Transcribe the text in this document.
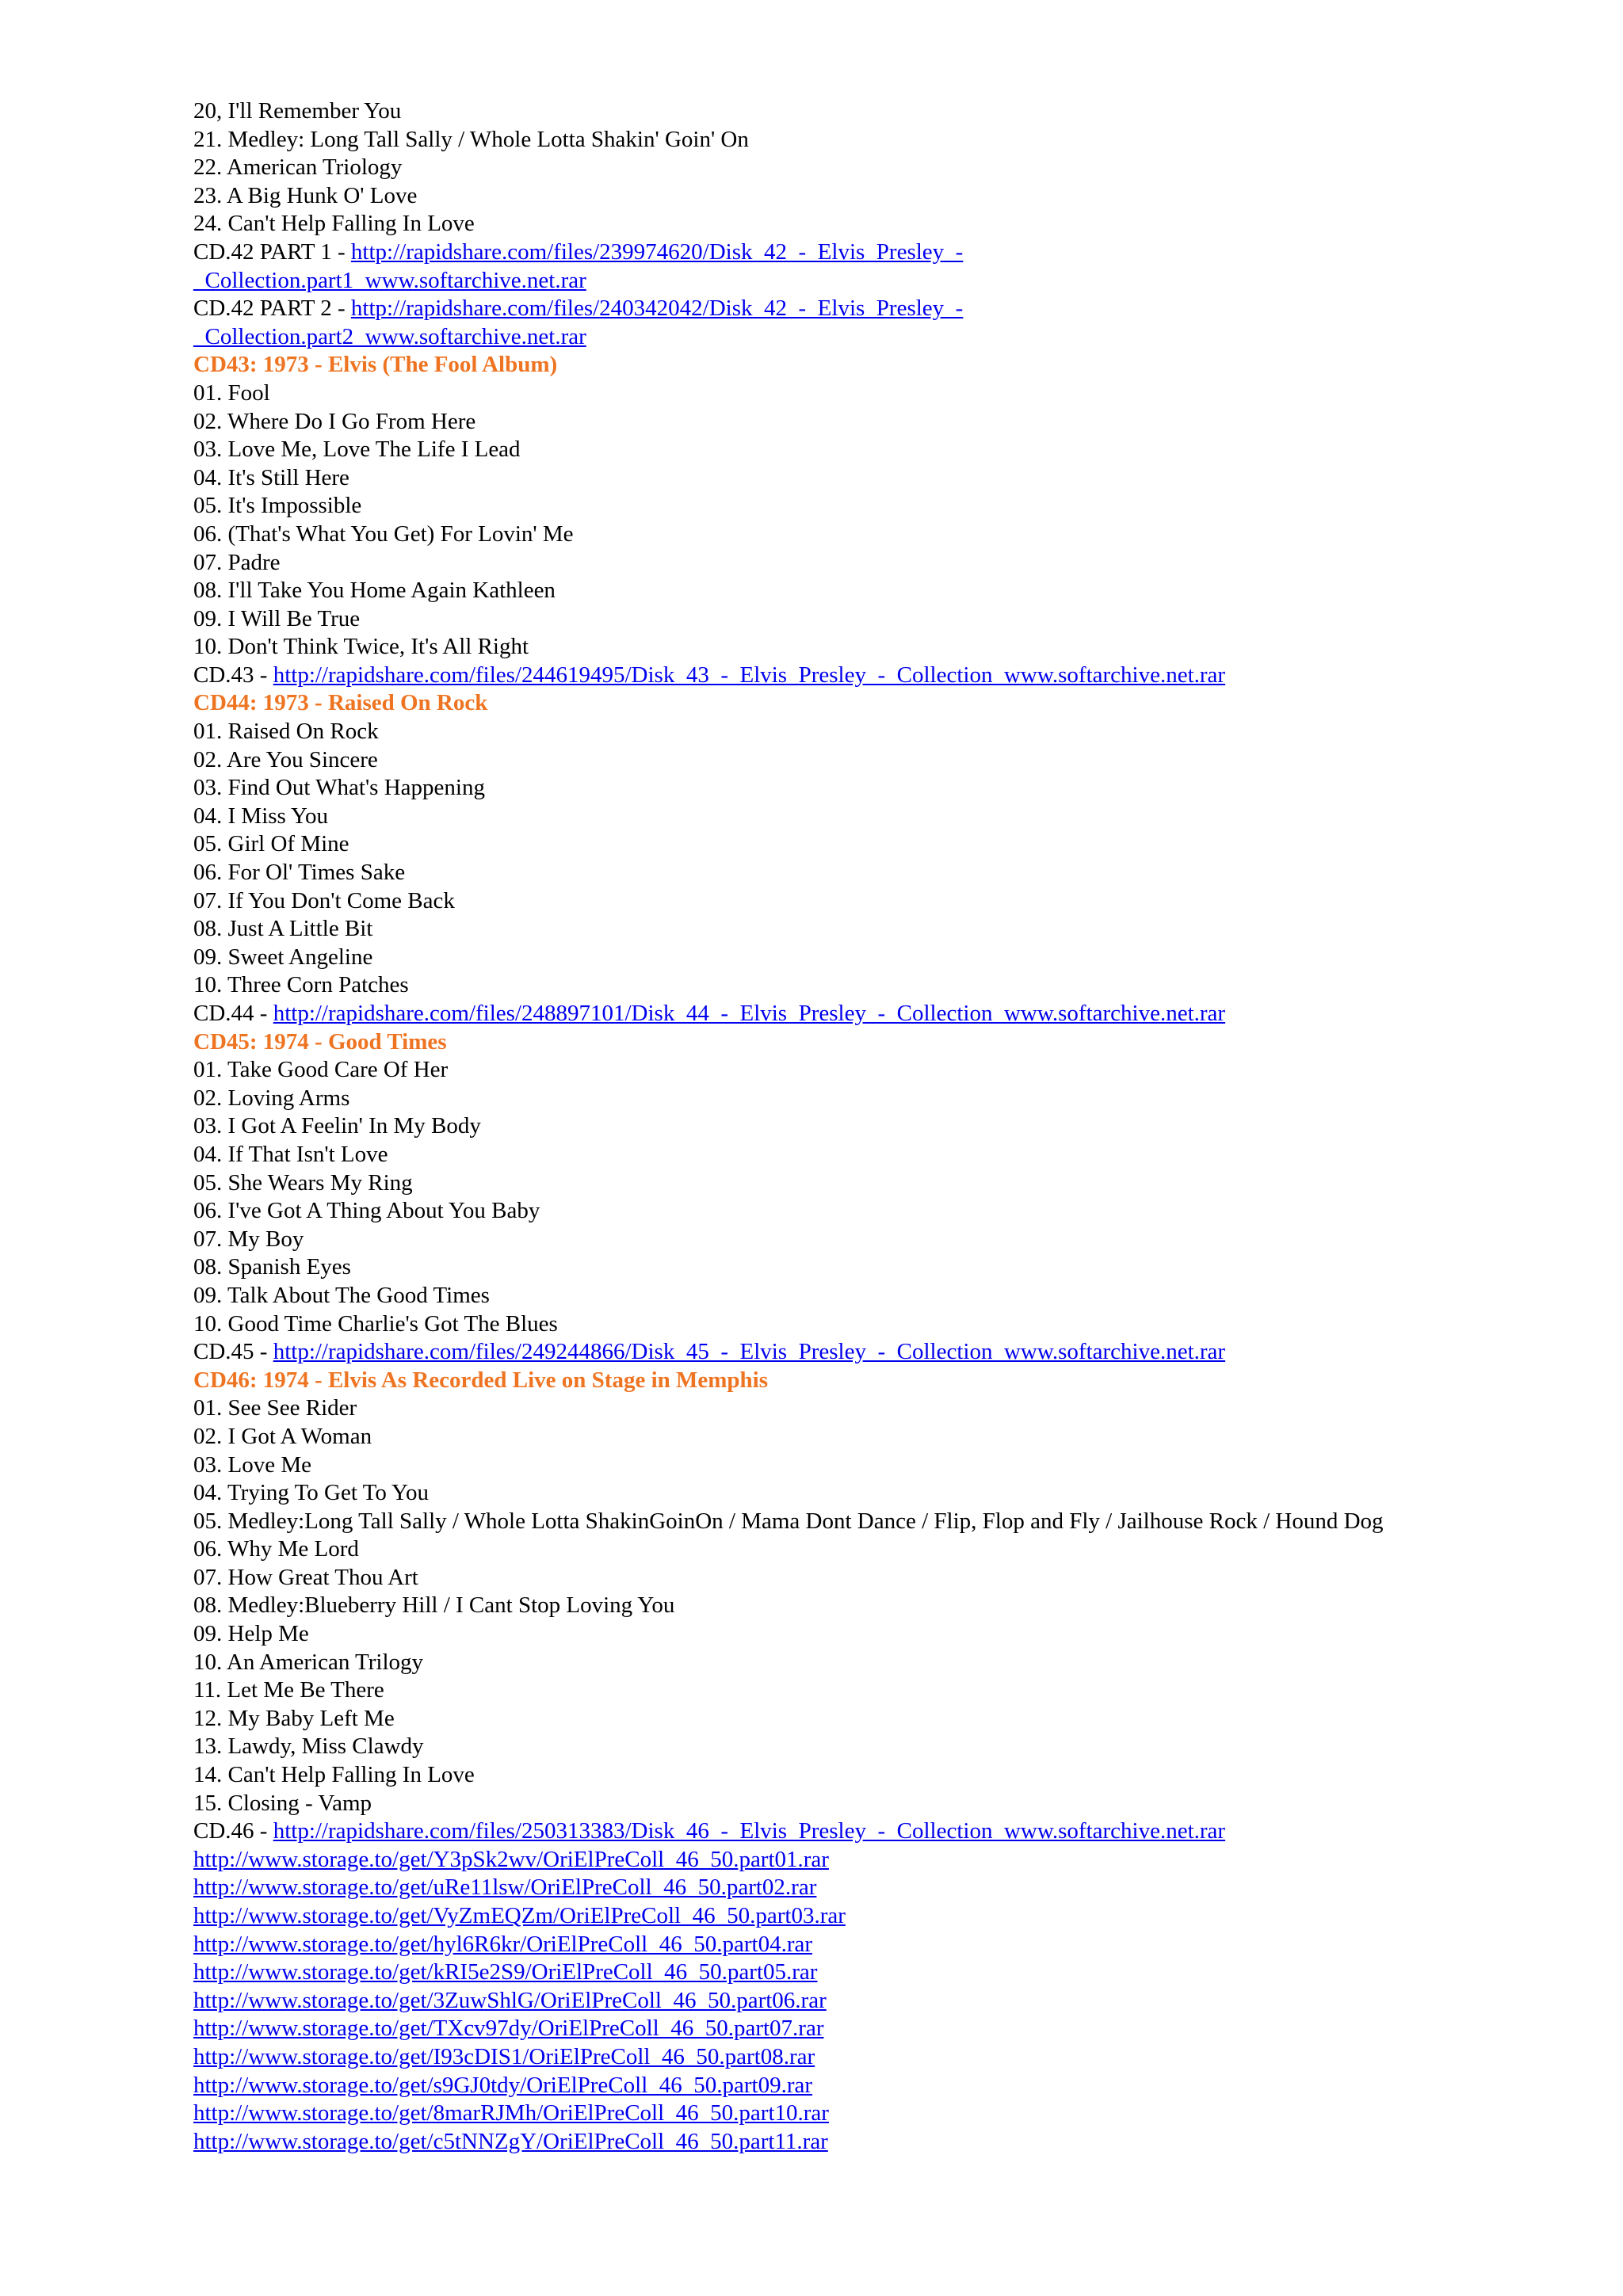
20, I'll Remember You

21. Medley: Long Tall Sally / Whole Lotta Shakin' Goin' On

22. American Triology

23. A Big Hunk O' Love

24. Can't Help Falling In Love

CD.42 PART 1 - http://rapidshare.com/files/239974620/Disk_42_-_Elvis_Presley_-
_Collection.part1_www.softarchive.net.rar
CD.42 PART 2 - http://rapidshare.com/files/240342042/Disk_42_-_Elvis_Presley_-
_Collection.part2_www.softarchive.net.rar

CD43: 1973 - Elvis (The Fool Album)

01. Fool

02. Where Do I Go From Here

03. Love Me, Love The Life I Lead

04. It's Still Here

05. It's Impossible

06. (That's What You Get) For Lovin' Me

07. Padre

08. I'll Take You Home Again Kathleen

09. I Will Be True

10. Don't Think Twice, It's All Right

CD.43 - http://rapidshare.com/files/244619495/Disk_43_-_Elvis_Presley_-_Collection_www.softarchive.net.rar

CD44: 1973 - Raised On Rock

01. Raised On Rock

02. Are You Sincere

03. Find Out What's Happening

04. I Miss You

05. Girl Of Mine

06. For Ol' Times Sake

07. If You Don't Come Back

08. Just A Little Bit

09. Sweet Angeline

10. Three Corn Patches

CD.44 - http://rapidshare.com/files/248897101/Disk_44_-_Elvis_Presley_-_Collection_www.softarchive.net.rar

CD45: 1974 - Good Times

01. Take Good Care Of Her

02. Loving Arms

03. I Got A Feelin' In My Body

04. If That Isn't Love

05. She Wears My Ring

06. I've Got A Thing About You Baby

07. My Boy

08. Spanish Eyes

09. Talk About The Good Times

10. Good Time Charlie's Got The Blues

CD.45 - http://rapidshare.com/files/249244866/Disk_45_-_Elvis_Presley_-_Collection_www.softarchive.net.rar

CD46: 1974 - Elvis As Recorded Live on Stage in Memphis

01. See See Rider

02. I Got A Woman

03. Love Me

04. Trying To Get To You

05. Medley:Long Tall Sally / Whole Lotta ShakinGoinOn / Mama Dont Dance / Flip, Flop and Fly / Jailhouse Rock / Hound Dog

06. Why Me Lord

07. How Great Thou Art

08. Medley:Blueberry Hill / I Cant Stop Loving You

09. Help Me

10. An American Trilogy

11. Let Me Be There

12. My Baby Left Me

13. Lawdy, Miss Clawdy

14. Can't Help Falling In Love

15. Closing - Vamp

CD.46 - http://rapidshare.com/files/250313383/Disk_46_-_Elvis_Presley_-_Collection_www.softarchive.net.rar
http://www.storage.to/get/Y3pSk2wv/OriElPreColl_46_50.part01.rar
http://www.storage.to/get/uRe11lsw/OriElPreColl_46_50.part02.rar
http://www.storage.to/get/VyZmEQZm/OriElPreColl_46_50.part03.rar
http://www.storage.to/get/hyl6R6kr/OriElPreColl_46_50.part04.rar
http://www.storage.to/get/kRI5e2S9/OriElPreColl_46_50.part05.rar
http://www.storage.to/get/3ZuwShlG/OriElPreColl_46_50.part06.rar
http://www.storage.to/get/TXcv97dy/OriElPreColl_46_50.part07.rar
http://www.storage.to/get/I93cDIS1/OriElPreColl_46_50.part08.rar
http://www.storage.to/get/s9GJ0tdy/OriElPreColl_46_50.part09.rar
http://www.storage.to/get/8marRJMh/OriElPreColl_46_50.part10.rar
http://www.storage.to/get/c5tNNZgY/OriElPreColl_46_50.part11.rar
